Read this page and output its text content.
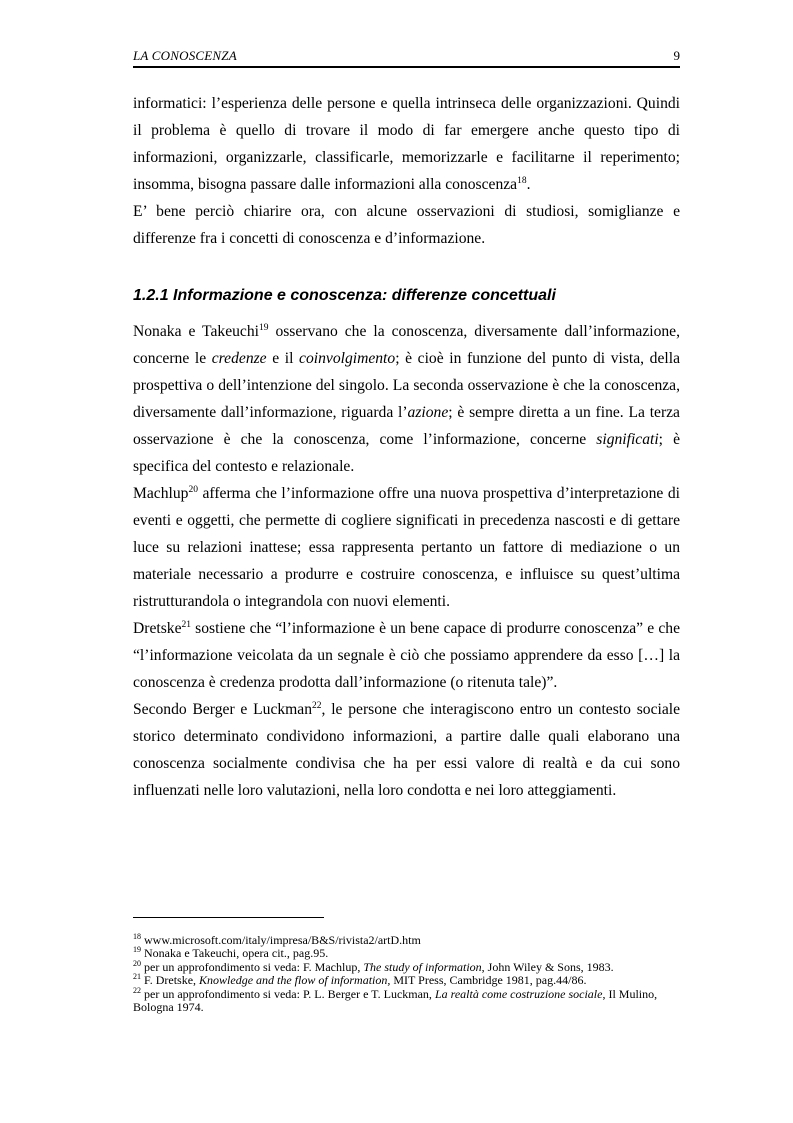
LA CONOSCENZA	9

informatici: l’esperienza delle persone e quella intrinseca delle organizzazioni. Quindi il problema è quello di trovare il modo di far emergere anche questo tipo di informazioni, organizzarle, classificarle, memorizzarle e facilitarne il reperimento; insomma, bisogna passare dalle informazioni alla conoscenza$^{18}$.

E’ bene perciò chiarire ora, con alcune osservazioni di studiosi, somiglianze e differenze fra i concetti di conoscenza e d’informazione.

1.2.1 Informazione e conoscenza: differenze concettuali

Nonaka e Takeuchi$^{19}$ osservano che la conoscenza, diversamente dall’informazione, concerne le credenze e il coinvolgimento; è cioè in funzione del punto di vista, della prospettiva o dell’intenzione del singolo. La seconda osservazione è che la conoscenza, diversamente dall’informazione, riguarda l’azione; è sempre diretta a un fine. La terza osservazione è che la conoscenza, come l’informazione, concerne significati; è specifica del contesto e relazionale.

Machlup$^{20}$ afferma che l’informazione offre una nuova prospettiva d’interpretazione di eventi e oggetti, che permette di cogliere significati in precedenza nascosti e di gettare luce su relazioni inattese; essa rappresenta pertanto un fattore di mediazione o un materiale necessario a produrre e costruire conoscenza, e influisce su quest’ultima ristrutturandola o integrandola con nuovi elementi.

Dretske$^{21}$ sostiene che “l’informazione è un bene capace di produrre conoscenza” e che “l’informazione veicolata da un segnale è ciò che possiamo apprendere da esso […] la conoscenza è credenza prodotta dall’informazione (o ritenuta tale)”.

Secondo Berger e Luckman$^{22}$, le persone che interagiscono entro un contesto sociale storico determinato condividono informazioni, a partire dalle quali elaborano una conoscenza socialmente condivisa che ha per essi valore di realtà e da cui sono influenzati nelle loro valutazioni, nella loro condotta e nei loro atteggiamenti.

$^{18}$ www.microsoft.com/italy/impresa/B&S/rivista2/artD.htm

$^{19}$ Nonaka e Takeuchi, opera cit., pag.95.

$^{20}$ per un approfondimento si veda: F. Machlup, The study of information, John Wiley & Sons, 1983.

$^{21}$ F. Dretske, Knowledge and the flow of information, MIT Press, Cambridge 1981, pag.44/86.

$^{22}$ per un approfondimento si veda: P. L. Berger e T. Luckman, La realtà come costruzione sociale, Il Mulino, Bologna 1974.
